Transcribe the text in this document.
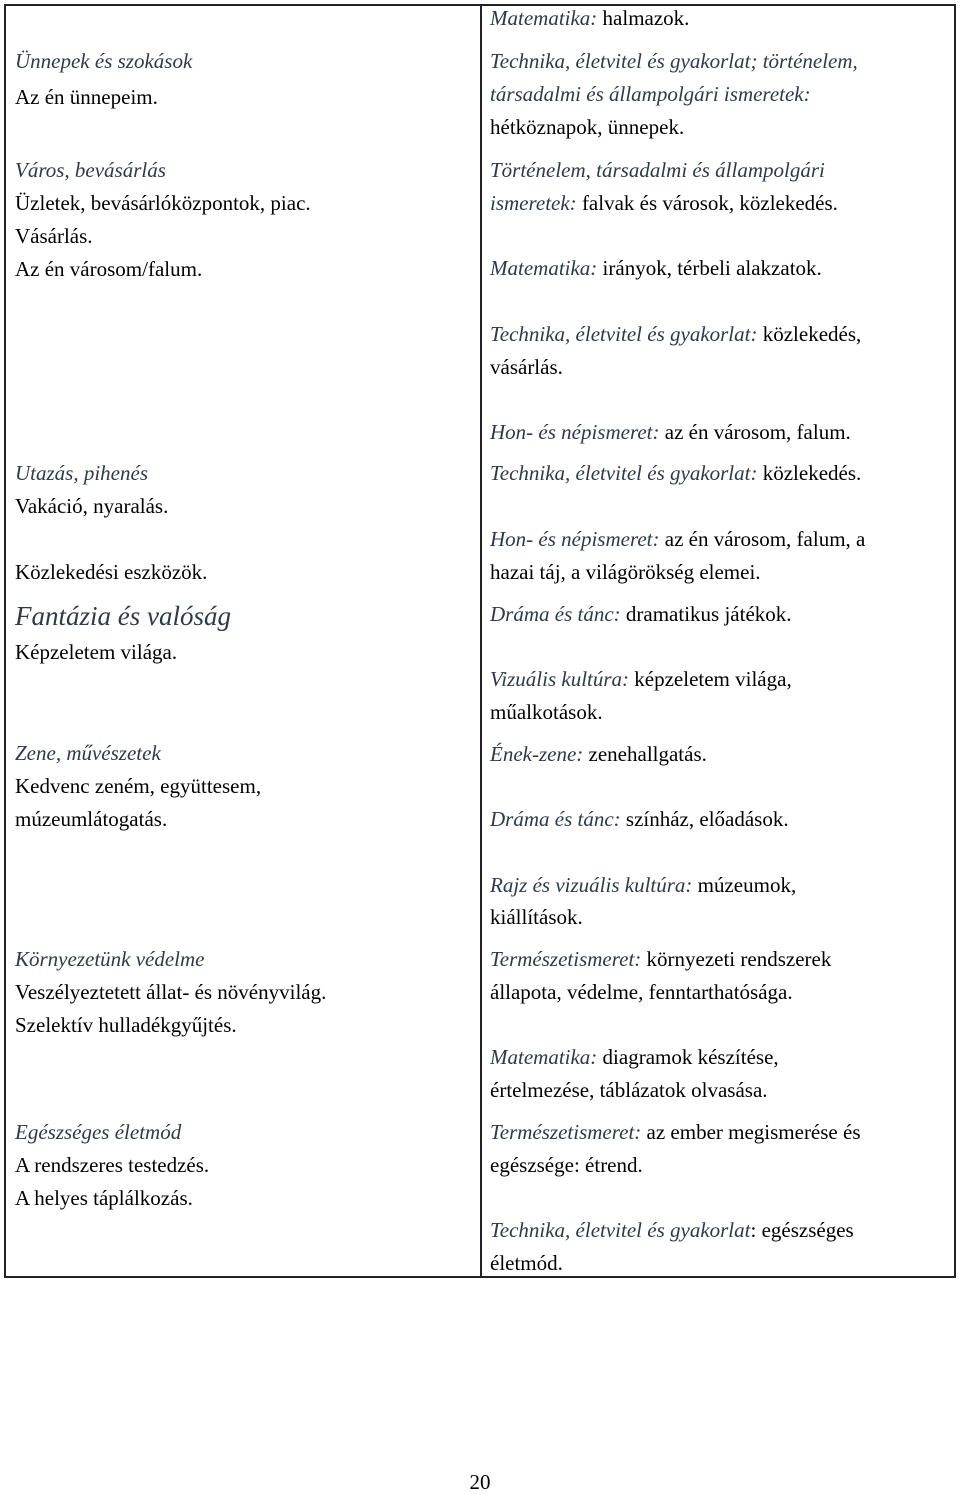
Ünnepek és szokások
Az én ünnepeim.
Város, bevásárlás
Üzletek, bevásárlóközpontok, piac.
Vásárlás.
Az én városom/falum.
Utazás, pihenés
Vakáció, nyaralás.
Közlekedési eszközök.
Fantázia és valóság
Képzeletem világa.
Zene, művészetek
Kedvenc zeném, együttesem,
múzeumlátogatás.
Környezetünk védelme
Veszélyeztetett állat- és növényvilág.
Szelektív hulladékgyűjtés.
Egészséges életmód
A rendszeres testedzés.
A helyes táplálkozás.
Matematika: halmazok.
Technika, életvitel és gyakorlat; történelem,
társadalmi és állampolgári ismeretek:
hétköznapok, ünnepek.
Történelem, társadalmi és állampolgári
ismeretek: falvak és városok, közlekedés.
Matematika: irányok, térbeli alakzatok.
Technika, életvitel és gyakorlat: közlekedés,
vásárlás.
Hon- és népismeret: az én városom, falum.
Technika, életvitel és gyakorlat: közlekedés.
Hon- és népismeret: az én városom, falum, a
hazai táj, a világörökség elemei.
Dráma és tánc: dramatikus játékok.
Vizuális kultúra: képzeletem világa,
műalkotások.
Ének-zene: zenehallgatás.
Dráma és tánc: színház, előadások.
Rajz és vizuális kultúra: múzeumok,
kiállítások.
Természetismeret: környezeti rendszerek
állapota, védelme, fenntarthatósága.
Matematika: diagramok készítése,
értelmezése, táblázatok olvasása.
Természetismeret: az ember megismerése és
egészsége: étrend.
Technika, életvitel és gyakorlat: egészséges
életmód.
20
